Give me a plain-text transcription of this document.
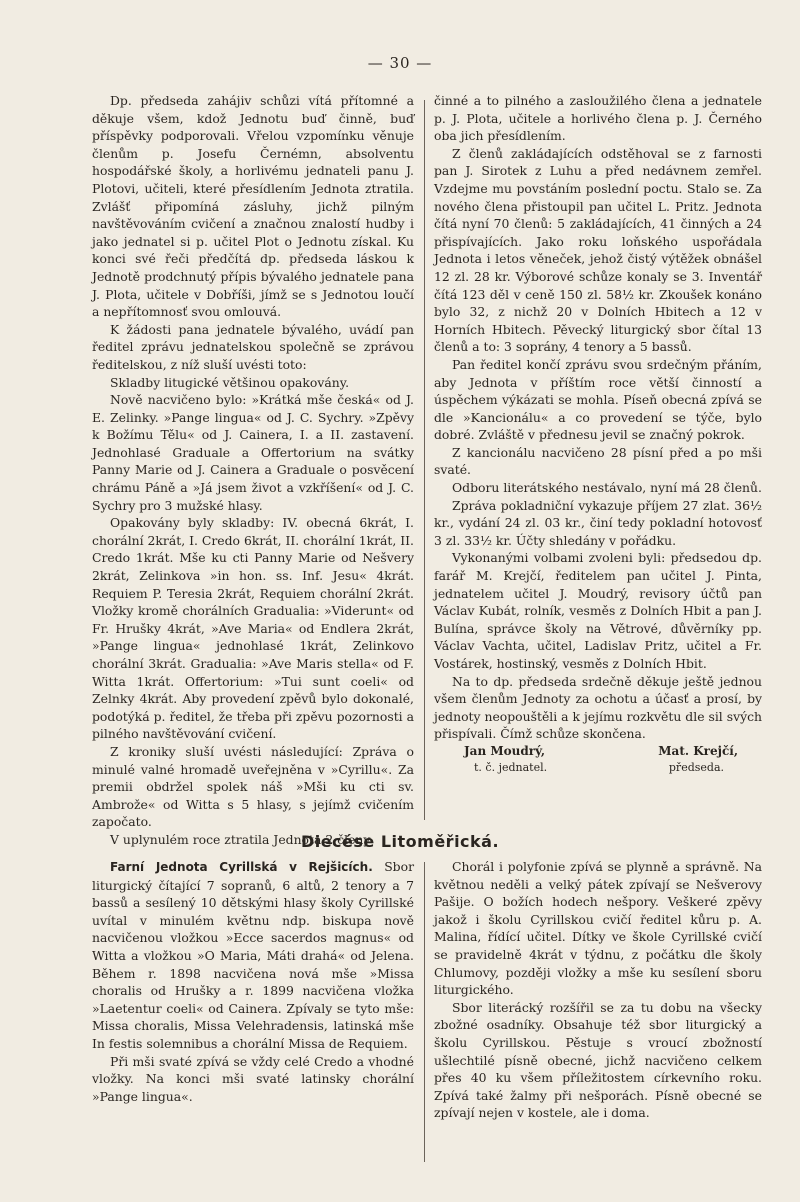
— 30 —

Dp. předseda zahájiv schůzi vítá přítomné a děkuje všem, kdož Jednotu buď činně, buď příspěvky podporovali. Vřelou vzpomínku věnuje členům p. Josefu Černémn, absolventu hospodářské školy, a horlivému jednateli panu J. Plotovi, učiteli, které přesídlením Jednota ztratila. Zvlášť připomíná zásluhy, jichž pilným navštěvováním cvičení a značnou znalostí hudby i jako jednatel si p. učitel Plot o Jednotu získal. Ku konci své řeči předčítá dp. předseda láskou k Jednotě prodchnutý přípis bývalého jednatele pana J. Plota, učitele v Dobříši, jímž se s Jednotou loučí a nepřítomnosť svou omlouvá.

K žádosti pana jednatele bývalého, uvádí pan ředitel zprávu jednatelskou společně se zprávou ředitelskou, z níž sluší uvésti toto:

Skladby litugické většinou opakovány.

Nově nacvičeno bylo: »Krátká mše česká« od J. E. Zelinky. »Pange lingua« od J. C. Sychry. »Zpěvy k Božímu Tělu« od J. Cainera, I. a II. zastavení. Jednohlasé Graduale a Offertorium na svátky Panny Marie od J. Cainera a Graduale o posvěcení chrámu Páně a »Já jsem život a vzkříšení« od J. C. Sychry pro 3 mužské hlasy.

Opakovány byly skladby: IV. obecná 6krát, I. chorální 2krát, I. Credo 6krát, II. chorální 1krát, II. Credo 1krát. Mše ku cti Panny Marie od Nešvery 2krát, Zelinkova »in hon. ss. Inf. Jesu« 4krát. Requiem P. Teresia 2krát, Requiem chorální 2krát. Vložky kromě chorálních Gradualia: »Viderunt« od Fr. Hrušky 4krát, »Ave Maria« od Endlera 2krát, »Pange lingua« jednohlasé 1krát, Zelinkovo chorální 3krát. Gradualia: »Ave Maris stella« od F. Witta 1krát. Offertorium: »Tui sunt coeli« od Zelnky 4krát. Aby provedení zpěvů bylo dokonalé, podotýká p. ředitel, že třeba při zpěvu pozornosti a pilného navštěvování cvičení.

Z kroniky sluší uvésti následující: Zpráva o minulé valné hromadě uveřejněna v »Cyrillu«. Za premii obdržel spolek náš »Mši ku cti sv. Ambrože« od Witta s 5 hlasy, s jejímž cvičením započato.

V uplynulém roce ztratila Jednota 2 členy

činné a to pilného a zasloužilého člena a jednatele p. J. Plota, učitele a horlivého člena p. J. Černého oba jich přesídlením.

Z členů zakládajících odstěhoval se z farnosti pan J. Sirotek z Luhu a před nedávnem zemřel. Vzdejme mu povstáním poslední poctu. Stalo se. Za nového člena přistoupil pan učitel L. Pritz. Jednota čítá nyní 70 členů: 5 zakládajících, 41 činných a 24 přispívajících. Jako roku loňského uspořádala Jednota i letos věneček, jehož čistý výtěžek obnášel 12 zl. 28 kr. Výborové schůze konaly se 3. Inventář čítá 123 děl v ceně 150 zl. 58½ kr. Zkoušek konáno bylo 32, z nichž 20 v Dolních Hbitech a 12 v Horních Hbitech. Pěvecký liturgický sbor čítal 13 členů a to: 3 soprány, 4 tenory a 5 bassů.

Pan ředitel končí zprávu svou srdečným přáním, aby Jednota v příštím roce větší činností a úspěchem výkázati se mohla. Píseň obecná zpívá se dle »Kancionálu« a co provedení se týče, bylo dobré. Zvláště v přednesu jevil se značný pokrok.

Z kancionálu nacvičeno 28 písní před a po mši svaté.

Odboru literátského nestávalo, nyní má 28 členů.

Zpráva pokladniční vykazuje příjem 27 zlat. 36½ kr., vydání 24 zl. 03 kr., činí tedy pokladní hotovosť 3 zl. 33½ kr. Účty shledány v pořádku.

Vykonanými volbami zvoleni byli: předsedou dp. farář M. Krejčí, ředitelem pan učitel J. Pinta, jednatelem učitel J. Moudrý, revisory účtů pan Václav Kubát, rolník, vesměs z Dolních Hbit a pan J. Bulína, správce školy na Větrové, důvěrníky pp. Václav Vachta, učitel, Ladislav Pritz, učitel a Fr. Vostárek, hostinský, vesměs z Dolních Hbit.

Na to dp. předseda srdečně děkuje ještě jednou všem členům Jednoty za ochotu a účasť a prosí, by jednoty neopouštěli a k jejímu rozkvětu dle sil svých přispívali. Čímž schůze skončena.

Jan Moudrý,	Mat. Krejčí,
t. č. jednatel.	předseda.
Diecése Litoměřická.

Farní Jednota Cyrillská v Rejšicích. Sbor liturgický čítající 7 sopranů, 6 altů, 2 tenory a 7 bassů a sesílený 10 dětskými hlasy školy Cyrillské uvítal v minulém květnu ndp. biskupa nově nacvičenou vložkou »Ecce sacerdos magnus« od Witta a vložkou »O Maria, Máti drahá« od Jelena. Během r. 1898 nacvičena nová mše »Missa choralis od Hrušky a r. 1899 nacvičena vložka »Laetentur coeli« od Cainera. Zpívaly se tyto mše: Missa choralis, Missa Velehradensis, latinská mše In festis solemnibus a chorální Missa de Requiem.

Při mši svaté zpívá se vždy celé Credo a vhodné vložky. Na konci mši svaté latinsky chorální »Pange lingua«.

Chorál i polyfonie zpívá se plynně a správně. Na květnou neděli a velký pátek zpívají se Nešverovy Pašije. O božích hodech nešpory. Veškeré zpěvy jakož i školu Cyrillskou cvičí ředitel kůru p. A. Malina, řídící učitel. Dítky ve škole Cyrillské cvičí se pravidelně 4krát v týdnu, z počátku dle školy Chlumovy, později vložky a mše ku sesílení sboru liturgického.

Sbor literácký rozšířil se za tu dobu na všecky zbožné osadníky. Obsahuje též sbor liturgický a školu Cyrillskou. Pěstuje s vroucí zbožností ušlechtilé písně obecné, jichž nacvičeno celkem přes 40 ku všem příležitostem církevního roku. Zpívá také žalmy při nešporách. Písně obecné se zpívají nejen v kostele, ale i doma.
